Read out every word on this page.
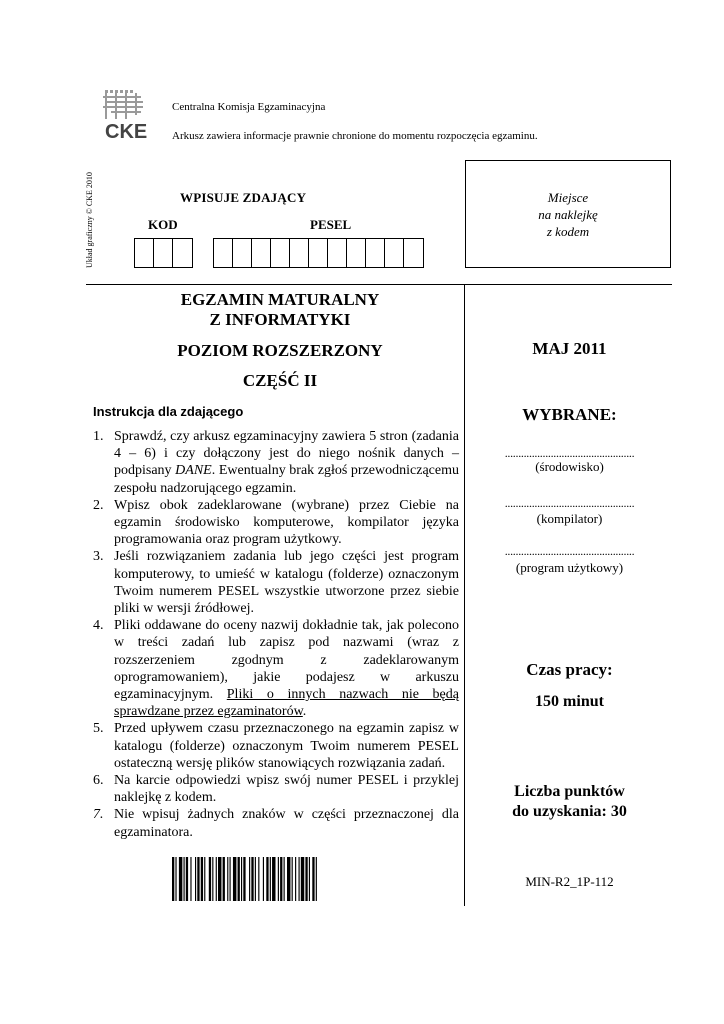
CKE
Centralna Komisja Egzaminacyjna
Arkusz zawiera informacje prawnie chronione do momentu rozpoczęcia egzaminu.
Układ graficzny © CKE 2010	WPISUJE ZDAJĄCY
KOD	PESEL
Miejsce
na naklejkę
z kodem
EGZAMIN MATURALNY
Z INFORMATYKI
POZIOM ROZSZERZONY
CZĘŚĆ II
Instrukcja dla zdającego
1. Sprawdź, czy arkusz egzaminacyjny zawiera 5 stron (zadania 4 – 6) i czy dołączony jest do niego nośnik danych – podpisany DANE. Ewentualny brak zgłoś przewodniczącemu zespołu nadzorującego egzamin.
2. Wpisz obok zadeklarowane (wybrane) przez Ciebie na egzamin środowisko komputerowe, kompilator języka programowania oraz program użytkowy.
3. Jeśli rozwiązaniem zadania lub jego części jest program komputerowy, to umieść w katalogu (folderze) oznaczonym Twoim numerem PESEL wszystkie utworzone przez siebie pliki w wersji źródłowej.
4. Pliki oddawane do oceny nazwij dokładnie tak, jak polecono w treści zadań lub zapisz pod nazwami (wraz z rozszerzeniem zgodnym z zadeklarowanym oprogramowaniem), jakie podajesz w arkuszu egzaminacyjnym. Pliki o innych nazwach nie będą sprawdzane przez egzaminatorów.
5. Przed upływem czasu przeznaczonego na egzamin zapisz w katalogu (folderze) oznaczonym Twoim numerem PESEL ostateczną wersję plików stanowiących rozwiązania zadań.
6. Na karcie odpowiedzi wpisz swój numer PESEL i przyklej naklejkę z kodem.
7. Nie wpisuj żadnych znaków w części przeznaczonej dla egzaminatora.
MAJ 2011
WYBRANE:
................................................
(środowisko)
................................................
(kompilator)
................................................
(program użytkowy)
Czas pracy:
150 minut
Liczba punktów
do uzyskania: 30
MIN-R2_1P-112
